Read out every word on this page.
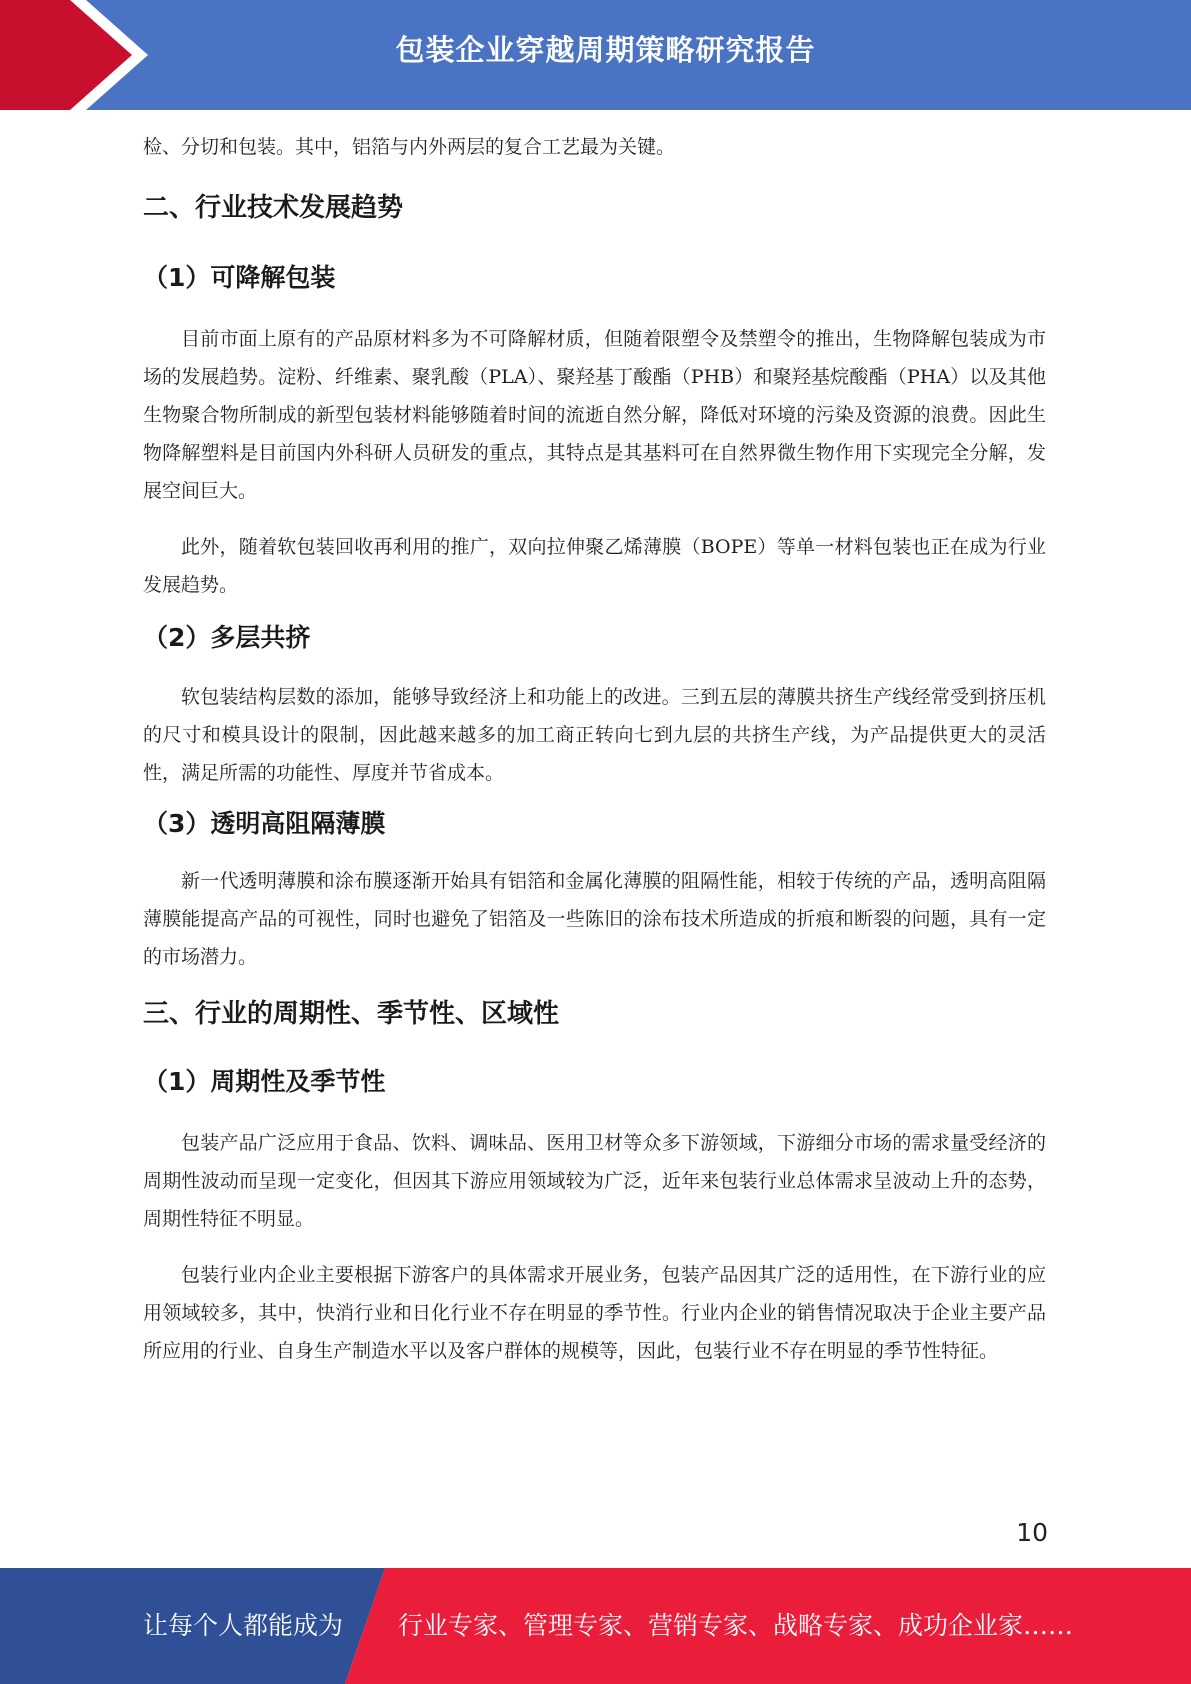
包装企业穿越周期策略研究报告

检、分切和包装。其中，铝箔与内外两层的复合工艺最为关键。

二、行业技术发展趋势
（1）可降解包装

目前市面上原有的产品原材料多为不可降解材质，但随着限塑令及禁塑令的推出，生物降解包装成为市场的发展趋势。淀粉、纤维素、聚乳酸（PLA）、聚羟基丁酸酯（PHB）和聚羟基烷酸酯（PHA）以及其他生物聚合物所制成的新型包装材料能够随着时间的流逝自然分解，降低对环境的污染及资源的浪费。因此生物降解塑料是目前国内外科研人员研发的重点，其特点是其基料可在自然界微生物作用下实现完全分解，发展空间巨大。

此外，随着软包装回收再利用的推广，双向拉伸聚乙烯薄膜（BOPE）等单一材料包装也正在成为行业发展趋势。

（2）多层共挤

软包装结构层数的添加，能够导致经济上和功能上的改进。三到五层的薄膜共挤生产线经常受到挤压机的尺寸和模具设计的限制，因此越来越多的加工商正转向七到九层的共挤生产线，为产品提供更大的灵活性，满足所需的功能性、厚度并节省成本。

（3）透明高阻隔薄膜

新一代透明薄膜和涂布膜逐渐开始具有铝箔和金属化薄膜的阻隔性能，相较于传统的产品，透明高阻隔薄膜能提高产品的可视性，同时也避免了铝箔及一些陈旧的涂布技术所造成的折痕和断裂的问题，具有一定的市场潜力。

三、行业的周期性、季节性、区域性
（1）周期性及季节性

包装产品广泛应用于食品、饮料、调味品、医用卫材等众多下游领域，下游细分市场的需求量受经济的周期性波动而呈现一定变化，但因其下游应用领域较为广泛，近年来包装行业总体需求呈波动上升的态势，周期性特征不明显。

包装行业内企业主要根据下游客户的具体需求开展业务，包装产品因其广泛的适用性，在下游行业的应用领域较多，其中，快消行业和日化行业不存在明显的季节性。行业内企业的销售情况取决于企业主要产品所应用的行业、自身生产制造水平以及客户群体的规模等，因此，包装行业不存在明显的季节性特征。

10
让每个人都能成为 行业专家、管理专家、营销专家、战略专家、成功企业家……
